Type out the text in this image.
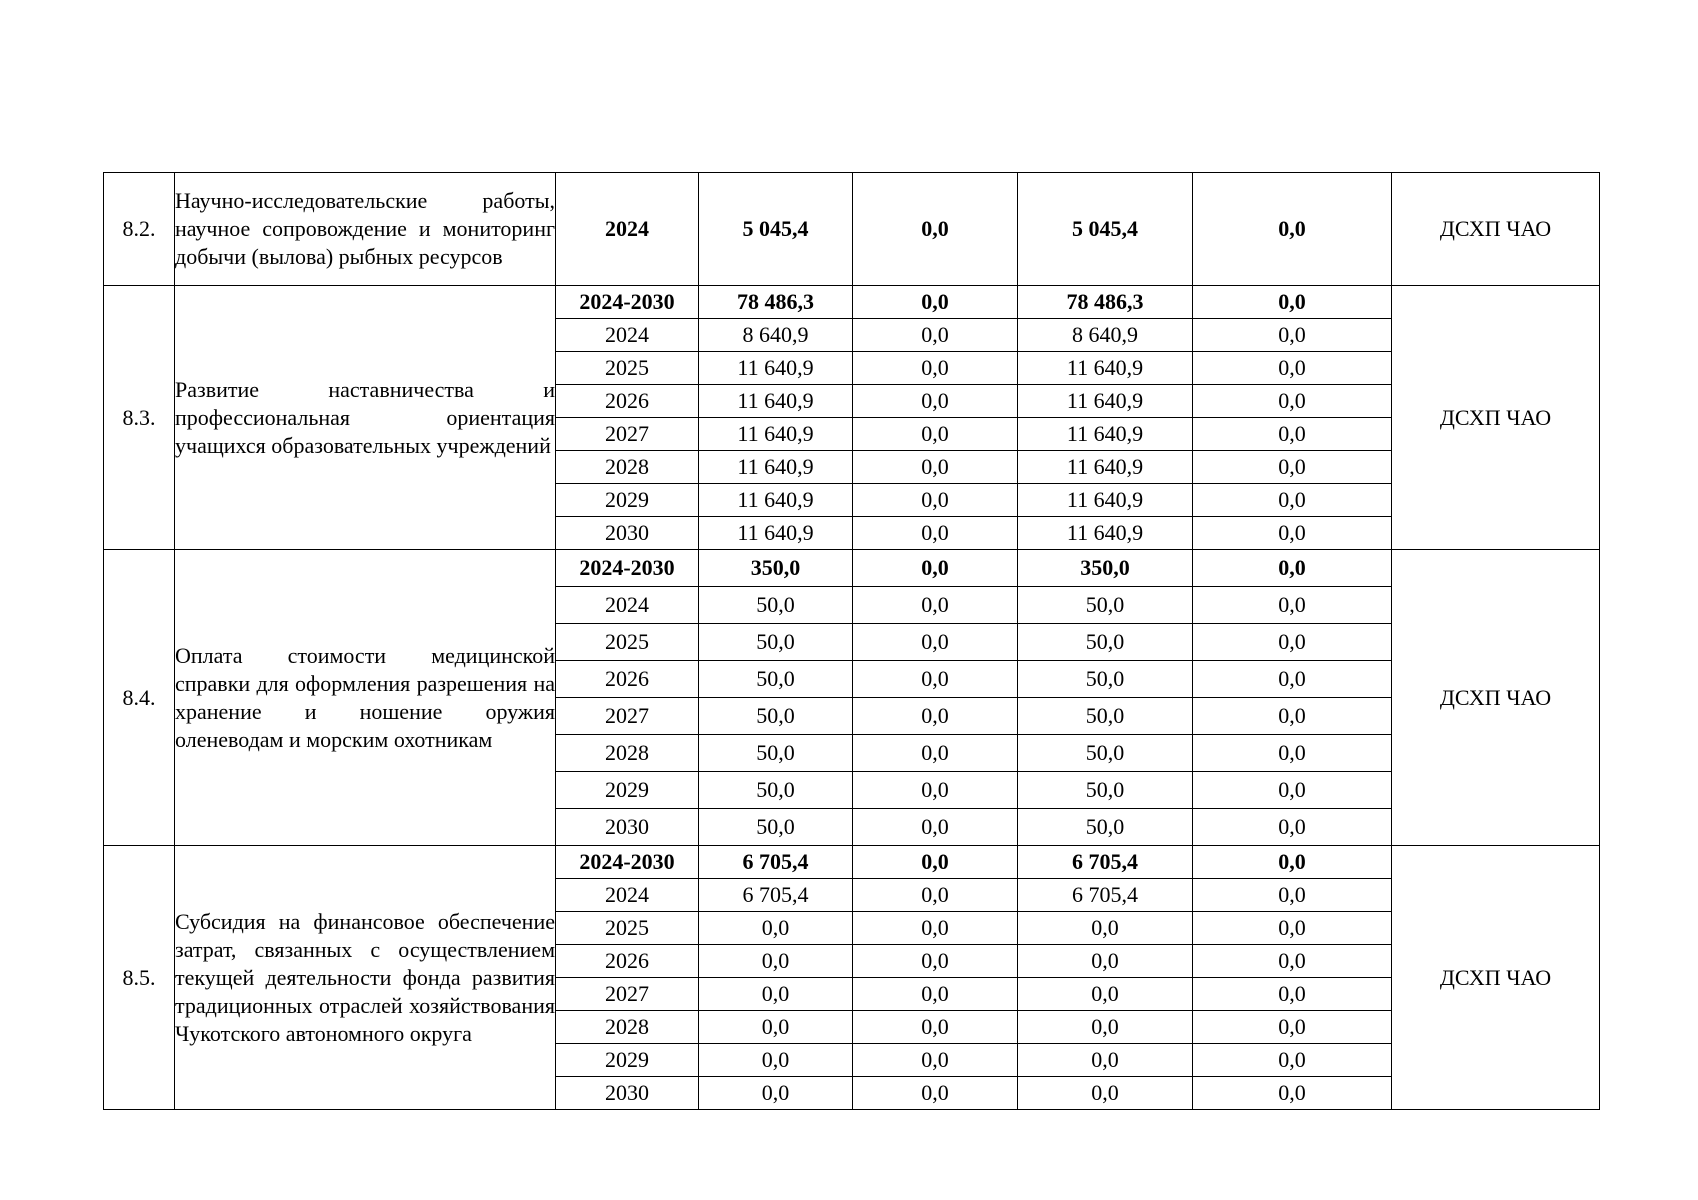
8.2.	Научно-исследовательские работы, научное сопровождение и мониторинг добычи (вылова) рыбных ресурсов	2024	5 045,4	0,0	5 045,4	0,0	ДСХП ЧАО
8.3.	Развитие наставничества и профессиональная ориентация учащихся образовательных учреждений	2024-2030	78 486,3	0,0	78 486,3	0,0	ДСХП ЧАО
		2024	8 640,9	0,0	8 640,9	0,0	
		2025	11 640,9	0,0	11 640,9	0,0	
		2026	11 640,9	0,0	11 640,9	0,0	
		2027	11 640,9	0,0	11 640,9	0,0	
		2028	11 640,9	0,0	11 640,9	0,0	
		2029	11 640,9	0,0	11 640,9	0,0	
		2030	11 640,9	0,0	11 640,9	0,0	
8.4.	Оплата стоимости медицинской справки для оформления разрешения на хранение и ношение оружия оленеводам и морским охотникам	2024-2030	350,0	0,0	350,0	0,0	ДСХП ЧАО
		2024	50,0	0,0	50,0	0,0	
		2025	50,0	0,0	50,0	0,0	
		2026	50,0	0,0	50,0	0,0	
		2027	50,0	0,0	50,0	0,0	
		2028	50,0	0,0	50,0	0,0	
		2029	50,0	0,0	50,0	0,0	
		2030	50,0	0,0	50,0	0,0	
8.5.	Субсидия на финансовое обеспечение затрат, связанных с осуществлением текущей деятельности фонда развития традиционных отраслей хозяйствования Чукотского автономного округа	2024-2030	6 705,4	0,0	6 705,4	0,0	ДСХП ЧАО
		2024	6 705,4	0,0	6 705,4	0,0	
		2025	0,0	0,0	0,0	0,0	
		2026	0,0	0,0	0,0	0,0	
		2027	0,0	0,0	0,0	0,0	
		2028	0,0	0,0	0,0	0,0	
		2029	0,0	0,0	0,0	0,0	
		2030	0,0	0,0	0,0	0,0	
